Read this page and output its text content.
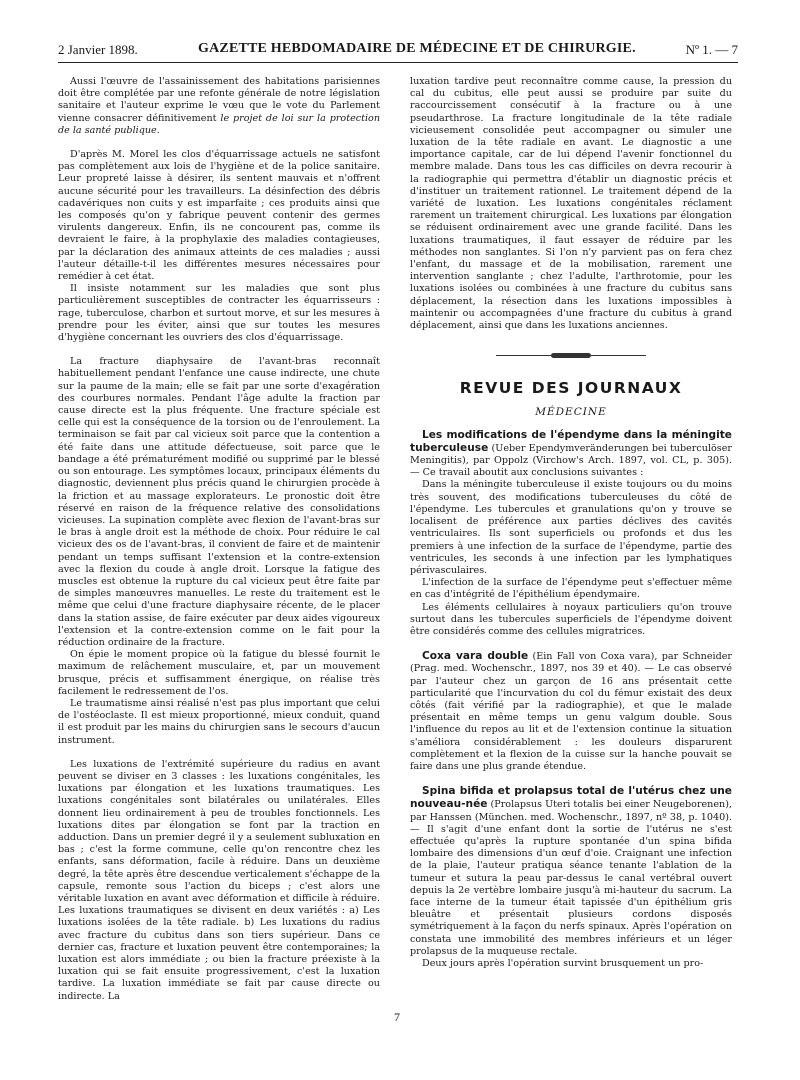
2 Janvier 1898.	GAZETTE HEBDOMADAIRE DE MÉDECINE ET DE CHIRURGIE.	Nº 1. — 7

Aussi l'œuvre de l'assainissement des habitations parisiennes doit être complétée par une refonte générale de notre législation sanitaire et l'auteur exprime le vœu que le vote du Parlement vienne consacrer définitivement le projet de loi sur la protection de la santé publique.

D'après M. Morel les clos d'équarrissage actuels ne satisfont pas complètement aux lois de l'hygiène et de la police sanitaire. Leur propreté laisse à désirer, ils sentent mauvais et n'offrent aucune sécurité pour les travailleurs. La désinfection des débris cadavériques non cuits y est imparfaite ; ces produits ainsi que les composés qu'on y fabrique peuvent contenir des germes virulents dangereux. Enfin, ils ne concourent pas, comme ils devraient le faire, à la prophylaxie des maladies contagieuses, par la déclaration des animaux atteints de ces maladies ; aussi l'auteur détaille-t-il les différentes mesures nécessaires pour remédier à cet état.

Il insiste notamment sur les maladies que sont plus particulièrement susceptibles de contracter les équarrisseurs : rage, tuberculose, charbon et surtout morve, et sur les mesures à prendre pour les éviter, ainsi que sur toutes les mesures d'hygiène concernant les ouvriers des clos d'équarrissage.

La fracture diaphysaire de l'avant-bras reconnaît habituellement pendant l'enfance une cause indirecte, une chute sur la paume de la main; elle se fait par une sorte d'exagération des courbures normales. Pendant l'âge adulte la fraction par cause directe est la plus fréquente. Une fracture spéciale est celle qui est la conséquence de la torsion ou de l'enroulement. La terminaison se fait par cal vicieux soit parce que la contention a été faite dans une attitude défectueuse, soit parce que le bandage a été prématurément modifié ou supprimé par le blessé ou son entourage. Les symptômes locaux, principaux éléments du diagnostic, deviennent plus précis quand le chirurgien procède à la friction et au massage explorateurs. Le pronostic doit être réservé en raison de la fréquence relative des consolidations vicieuses. La supination complète avec flexion de l'avant-bras sur le bras à angle droit est la méthode de choix. Pour réduire le cal vicieux des os de l'avant-bras, il convient de faire et de maintenir pendant un temps suffisant l'extension et la contre-extension avec la flexion du coude à angle droit. Lorsque la fatigue des muscles est obtenue la rupture du cal vicieux peut être faite par de simples manœuvres manuelles. Le reste du traitement est le même que celui d'une fracture diaphysaire récente, de le placer dans la station assise, de faire exécuter par deux aides vigoureux l'extension et la contre-extension comme on le fait pour la réduction ordinaire de la fracture.

On épie le moment propice où la fatigue du blessé fournit le maximum de relâchement musculaire, et, par un mouvement brusque, précis et suffisamment énergique, on réalise très facilement le redressement de l'os.

Le traumatisme ainsi réalisé n'est pas plus important que celui de l'ostéoclaste. Il est mieux proportionné, mieux conduit, quand il est produit par les mains du chirurgien sans le secours d'aucun instrument.

Les luxations de l'extrémité supérieure du radius en avant peuvent se diviser en 3 classes : les luxations congénitales, les luxations par élongation et les luxations traumatiques. Les luxations congénitales sont bilatérales ou unilatérales. Elles donnent lieu ordinairement à peu de troubles fonctionnels. Les luxations dites par élongation se font par la traction en adduction. Dans un premier degré il y a seulement subluxation en bas ; c'est la forme commune, celle qu'on rencontre chez les enfants, sans déformation, facile à réduire. Dans un deuxième degré, la tête après être descendue verticalement s'échappe de la capsule, remonte sous l'action du biceps ; c'est alors une véritable luxation en avant avec déformation et difficile à réduire. Les luxations traumatiques se divisent en deux variétés : a) Les luxations isolées de la tête radiale. b) Les luxations du radius avec fracture du cubitus dans son tiers supérieur. Dans ce dernier cas, fracture et luxation peuvent être contemporaines; la luxation est alors immédiate ; ou bien la fracture préexiste à la luxation qui se fait ensuite progressivement, c'est la luxation tardive. La luxation immédiate se fait par cause directe ou indirecte. La

luxation tardive peut reconnaître comme cause, la pression du cal du cubitus, elle peut aussi se produire par suite du raccourcissement consécutif à la fracture ou à une pseudarthrose. La fracture longitudinale de la tête radiale vicieusement consolidée peut accompagner ou simuler une luxation de la tête radiale en avant. Le diagnostic a une importance capitale, car de lui dépend l'avenir fonctionnel du membre malade. Dans tous les cas difficiles on devra recourir à la radiographie qui permettra d'établir un diagnostic précis et d'instituer un traitement rationnel. Le traitement dépend de la variété de luxation. Les luxations congénitales réclament rarement un traitement chirurgical. Les luxations par élongation se réduisent ordinairement avec une grande facilité. Dans les luxations traumatiques, il faut essayer de réduire par les méthodes non sanglantes. Si l'on n'y parvient pas on fera chez l'enfant, du massage et de la mobilisation, rarement une intervention sanglante ; chez l'adulte, l'arthrotomie, pour les luxations isolées ou combinées à une fracture du cubitus sans déplacement, la résection dans les luxations impossibles à maintenir ou accompagnées d'une fracture du cubitus à grand déplacement, ainsi que dans les luxations anciennes.

REVUE DES JOURNAUX
MÉDECINE

Les modifications de l'épendyme dans la méningite tuberculeuse (Ueber Ependymveränderungen bei tuberculöser Meningitis), par Oppolz (Virchow's Arch. 1897, vol. CL, p. 305). — Ce travail aboutit aux conclusions suivantes :

Dans la méningite tuberculeuse il existe toujours ou du moins très souvent, des modifications tuberculeuses du côté de l'épendyme. Les tubercules et granulations qu'on y trouve se localisent de préférence aux parties déclives des cavités ventriculaires. Ils sont superficiels ou profonds et dus les premiers à une infection de la surface de l'épendyme, partie des ventricules, les seconds à une infection par les lymphatiques périvasculaires.

L'infection de la surface de l'épendyme peut s'effectuer même en cas d'intégrité de l'épithélium épendymaire.

Les éléments cellulaires à noyaux particuliers qu'on trouve surtout dans les tubercules superficiels de l'épendyme doivent être considérés comme des cellules migratrices.

Coxa vara double (Ein Fall von Coxa vara), par Schneider (Prag. med. Wochenschr., 1897, nos 39 et 40). — Le cas observé par l'auteur chez un garçon de 16 ans présentait cette particularité que l'incurvation du col du fémur existait des deux côtés (fait vérifié par la radiographie), et que le malade présentait en même temps un genu valgum double. Sous l'influence du repos au lit et de l'extension continue la situation s'améliora considérablement : les douleurs disparurent complètement et la flexion de la cuisse sur la hanche pouvait se faire dans une plus grande étendue.

Spina bifida et prolapsus total de l'utérus chez une nouveau-née (Prolapsus Uteri totalis bei einer Neugeborenen), par Hanssen (München. med. Wochenschr., 1897, nº 38, p. 1040). — Il s'agit d'une enfant dont la sortie de l'utérus ne s'est effectuée qu'après la rupture spontanée d'un spina bifida lombaire des dimensions d'un œuf d'oie. Craignant une infection de la plaie, l'auteur pratiqua séance tenante l'ablation de la tumeur et sutura la peau par-dessus le canal vertébral ouvert depuis la 2e vertèbre lombaire jusqu'à mi-hauteur du sacrum. La face interne de la tumeur était tapissée d'un épithélium gris bleuâtre et présentait plusieurs cordons disposés symétriquement à la façon du nerfs spinaux. Après l'opération on constata une immobilité des membres inférieurs et un léger prolapsus de la muqueuse rectale.

Deux jours après l'opération survint brusquement un pro-

7
